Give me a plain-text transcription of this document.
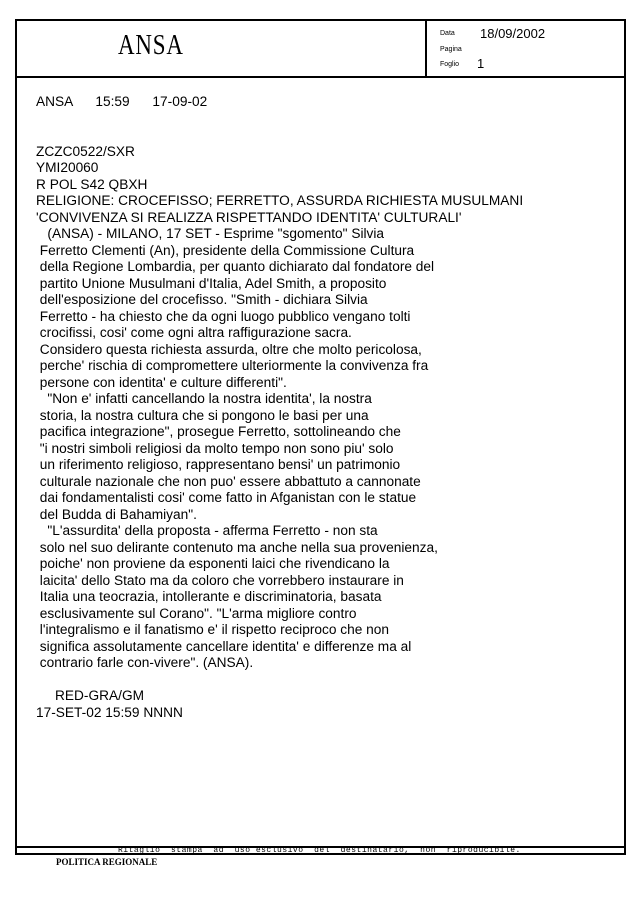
ANSA	Data 18/09/2002
Pagina
Foglio 1
ANSA      15:59      17-09-02
ZCZC0522/SXR
YMI20060
R POL S42 QBXH
RELIGIONE: CROCEFISSO; FERRETTO, ASSURDA RICHIESTA MUSULMANI
'CONVIVENZA SI REALIZZA RISPETTANDO IDENTITA' CULTURALI'
(ANSA) - MILANO, 17 SET - Esprime "sgomento" Silvia
Ferretto Clementi (An), presidente della Commissione Cultura
della Regione Lombardia, per quanto dichiarato dal fondatore del
partito Unione Musulmani d'Italia, Adel Smith, a proposito
dell'esposizione del crocefisso. "Smith - dichiara Silvia
Ferretto - ha chiesto che da ogni luogo pubblico vengano tolti
crocifissi, cosi' come ogni altra raffigurazione sacra.
Considero questa richiesta assurda, oltre che molto pericolosa,
perche' rischia di compromettere ulteriormente la convivenza fra
persone con identita' e culture differenti".
"Non e' infatti cancellando la nostra identita', la nostra
storia, la nostra cultura che si pongono le basi per una
pacifica integrazione", prosegue Ferretto, sottolineando che
"i nostri simboli religiosi da molto tempo non sono piu' solo
un riferimento religioso, rappresentano bensi' un patrimonio
culturale nazionale che non puo' essere abbattuto a cannonate
dai fondamentalisti cosi' come fatto in Afganistan con le statue
del Budda di Bahamiyan".
"L'assurdita' della proposta - afferma Ferretto - non sta
solo nel suo delirante contenuto ma anche nella sua provenienza,
poiche' non proviene da esponenti laici che rivendicano la
laicita' dello Stato ma da coloro che vorrebbero instaurare in
Italia una teocrazia, intollerante e discriminatoria, basata
esclusivamente sul Corano". "L'arma migliore contro
l'integralismo e il fanatismo e' il rispetto reciproco che non
significa assolutamente cancellare identita' e differenze ma al
contrario farle con-vivere". (ANSA).
RED-GRA/GM
17-SET-02 15:59 NNNN
Ritaglio  stampa  ad  uso esclusivo  del  destinatario,  non  riproducibile.
POLITICA REGIONALE
